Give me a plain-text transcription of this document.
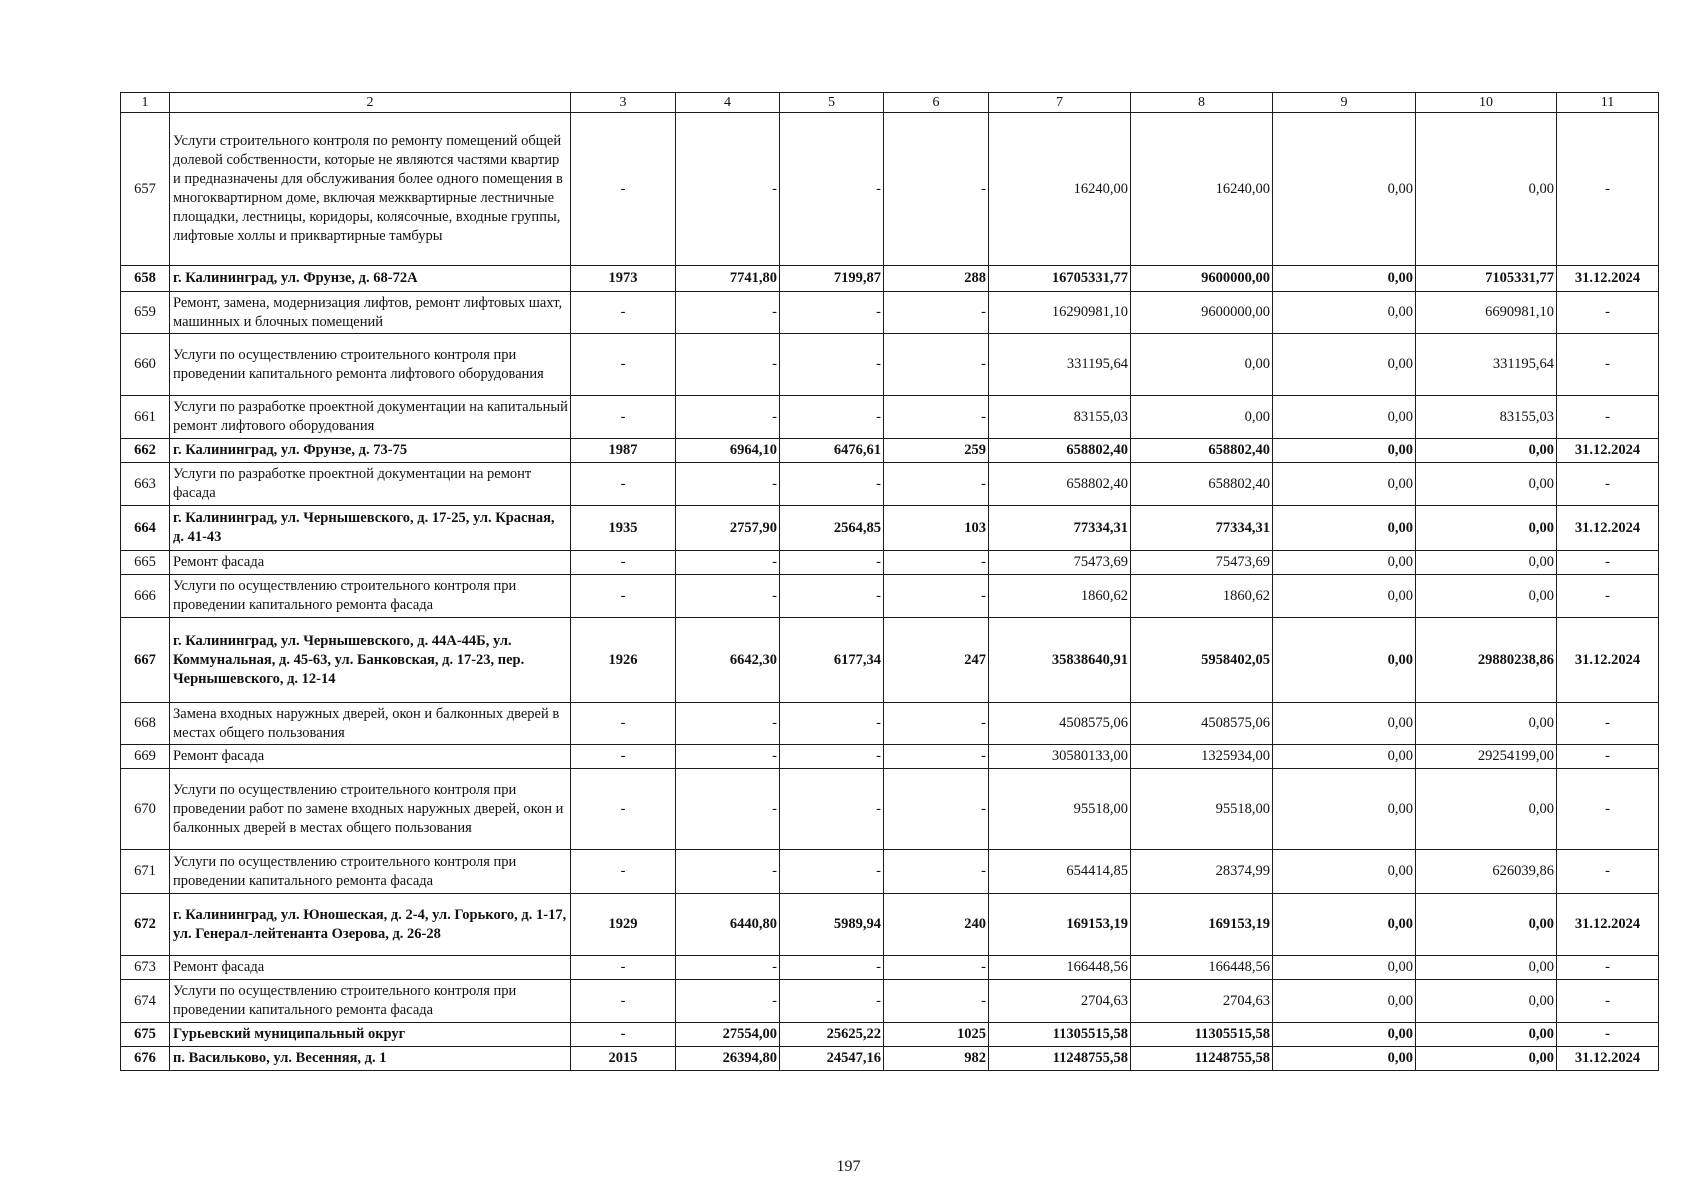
1	2	3	4	5	6	7	8	9	10	11
657	Услуги строительного контроля по ремонту помещений общей долевой собственности, которые не являются частями квартир и предназначены для обслуживания более одного помещения в многоквартирном доме, включая межквартирные лестничные площадки, лестницы, коридоры, колясочные, входные группы, лифтовые холлы и приквартирные тамбуры	-	-	-	-	16240,00	16240,00	0,00	0,00	-
658	г. Калининград, ул. Фрунзе, д. 68-72А	1973	7741,80	7199,87	288	16705331,77	9600000,00	0,00	7105331,77	31.12.2024
659	Ремонт, замена, модернизация лифтов, ремонт лифтовых шахт, машинных и блочных помещений	-	-	-	-	16290981,10	9600000,00	0,00	6690981,10	-
660	Услуги по осуществлению строительного контроля при проведении капитального ремонта лифтового оборудования	-	-	-	-	331195,64	0,00	0,00	331195,64	-
661	Услуги по разработке проектной документации на капитальный ремонт лифтового оборудования	-	-	-	-	83155,03	0,00	0,00	83155,03	-
662	г. Калининград, ул. Фрунзе, д. 73-75	1987	6964,10	6476,61	259	658802,40	658802,40	0,00	0,00	31.12.2024
663	Услуги по разработке проектной документации на ремонт фасада	-	-	-	-	658802,40	658802,40	0,00	0,00	-
664	г. Калининград, ул. Чернышевского, д. 17-25, ул. Красная, д. 41-43	1935	2757,90	2564,85	103	77334,31	77334,31	0,00	0,00	31.12.2024
665	Ремонт фасада	-	-	-	-	75473,69	75473,69	0,00	0,00	-
666	Услуги по осуществлению строительного контроля при проведении капитального ремонта фасада	-	-	-	-	1860,62	1860,62	0,00	0,00	-
667	г. Калининград, ул. Чернышевского, д. 44А-44Б, ул. Коммунальная, д. 45-63, ул. Банковская, д. 17-23, пер. Чернышевского, д. 12-14	1926	6642,30	6177,34	247	35838640,91	5958402,05	0,00	29880238,86	31.12.2024
668	Замена входных наружных дверей, окон и балконных дверей в местах общего пользования	-	-	-	-	4508575,06	4508575,06	0,00	0,00	-
669	Ремонт фасада	-	-	-	-	30580133,00	1325934,00	0,00	29254199,00	-
670	Услуги по осуществлению строительного контроля при проведении работ по замене входных наружных дверей, окон и балконных дверей в местах общего пользования	-	-	-	-	95518,00	95518,00	0,00	0,00	-
671	Услуги по осуществлению строительного контроля при проведении капитального ремонта фасада	-	-	-	-	654414,85	28374,99	0,00	626039,86	-
672	г. Калининград, ул. Юношеская, д. 2-4, ул. Горького, д. 1-17, ул. Генерал-лейтенанта Озерова, д. 26-28	1929	6440,80	5989,94	240	169153,19	169153,19	0,00	0,00	31.12.2024
673	Ремонт фасада	-	-	-	-	166448,56	166448,56	0,00	0,00	-
674	Услуги по осуществлению строительного контроля при проведении капитального ремонта фасада	-	-	-	-	2704,63	2704,63	0,00	0,00	-
675	Гурьевский муниципальный округ	-	27554,00	25625,22	1025	11305515,58	11305515,58	0,00	0,00	-
676	п. Васильково, ул. Весенняя, д. 1	2015	26394,80	24547,16	982	11248755,58	11248755,58	0,00	0,00	31.12.2024
197
